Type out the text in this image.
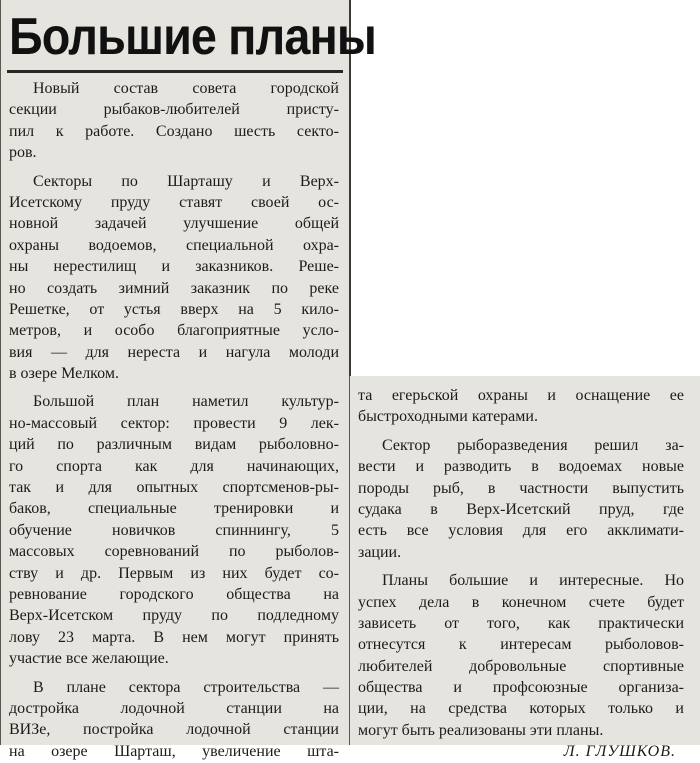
Большие планы
Новый состав совета городской
секции рыбаков-любителей присту-
пил к работе. Создано шесть секто-
ров.
Секторы по Шарташу и Верх-
Исетскому пруду ставят своей ос-
новной задачей улучшение общей
охраны водоемов, специальной охра-
ны нерестилищ и заказников. Реше-
но создать зимний заказник по реке
Решетке, от устья вверх на 5 кило-
метров, и особо благоприятные усло-
вия — для нереста и нагула молоди
в озере Мелком.
Большой план наметил культур-
но-массовый сектор: провести 9 лек-
ций по различным видам рыболовно-
го спорта как для начинающих,
так и для опытных спортсменов-ры-
баков, специальные тренировки и
обучение новичков спиннингу, 5
массовых соревнований по рыболов-
ству и др. Первым из них будет со-
ревнование городского общества на
Верх-Исетском пруду по подледному
лову 23 марта. В нем могут принять
участие все желающие.
В плане сектора строительства —
достройка лодочной станции на
ВИЗе, постройка лодочной станции
на озере Шарташ, увеличение шта-
та егерьской охраны и оснащение ее
быстроходными катерами.
Сектор рыборазведения решил за-
вести и разводить в водоемах новые
породы рыб, в частности выпустить
судака в Верх-Исетский пруд, где
есть все условия для его акклимати-
зации.
Планы большие и интересные. Но
успех дела в конечном счете будет
зависеть от того, как практически
отнесутся к интересам рыболовов-
любителей добровольные спортивные
общества и профсоюзные организа-
ции, на средства которых только и
могут быть реализованы эти планы.
Л. ГЛУШКОВ.
